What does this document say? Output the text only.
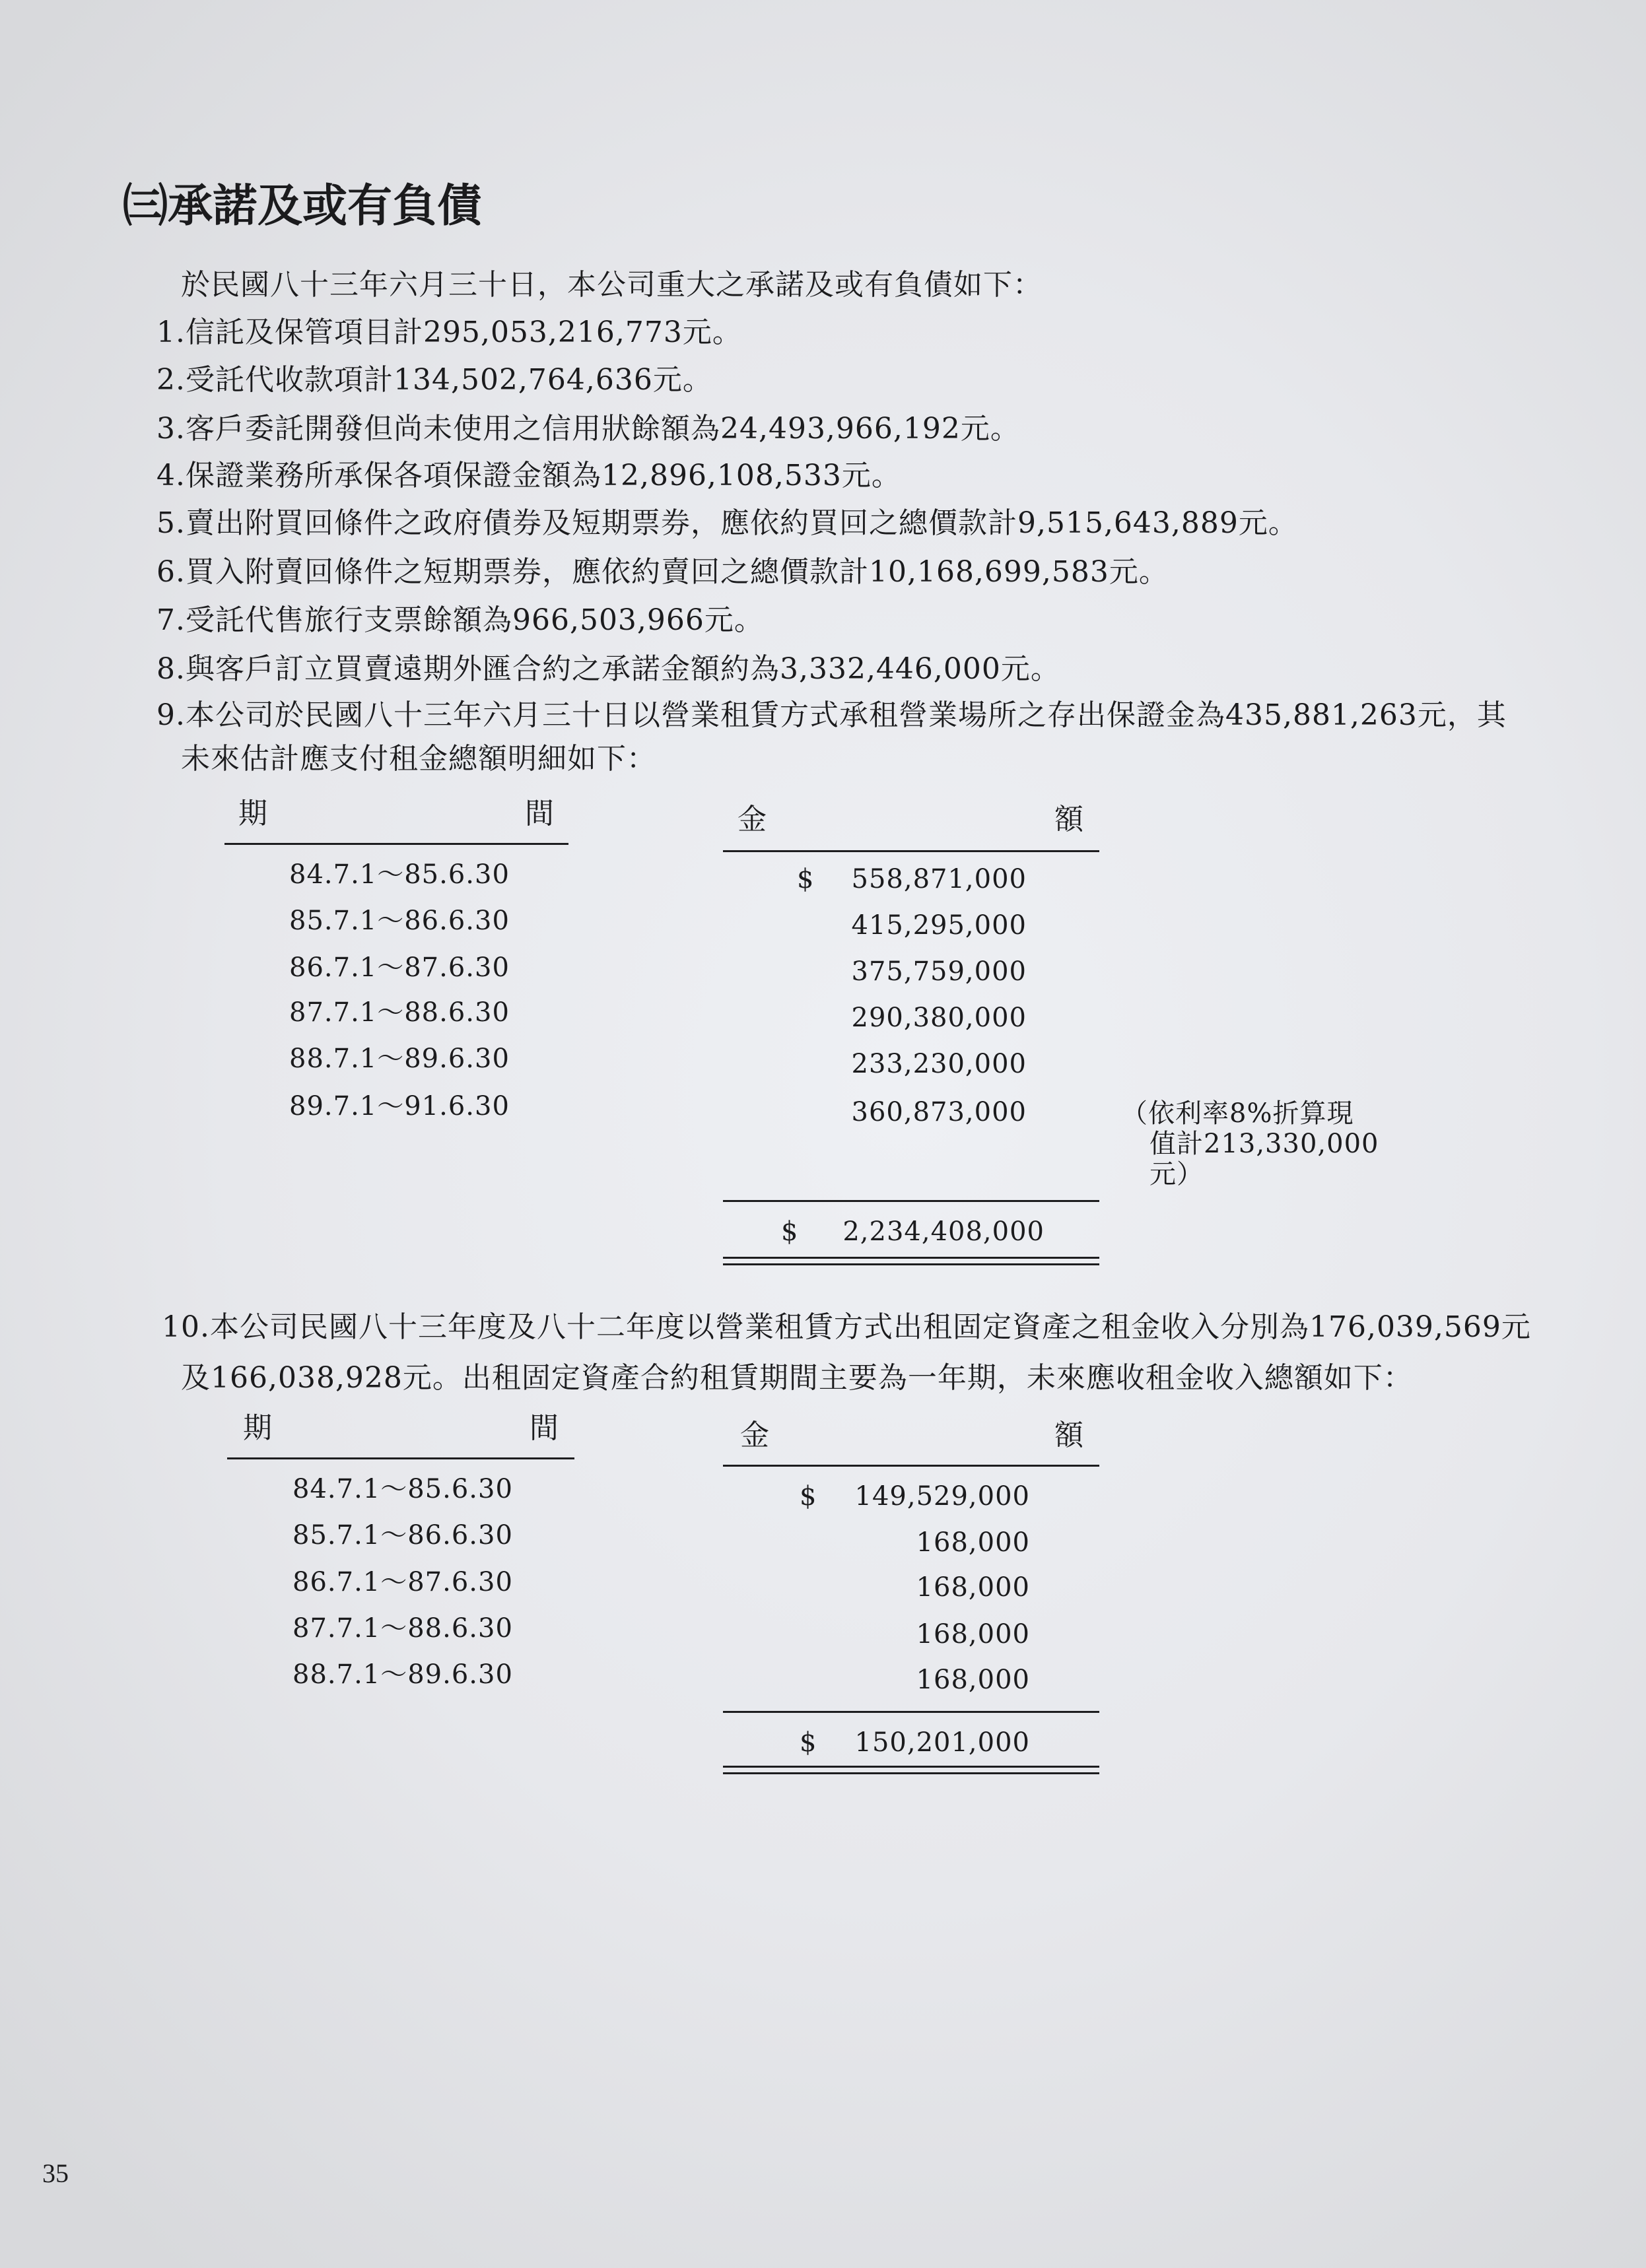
㈢承諾及或有負債
於民國八十三年六月三十日，本公司重大之承諾及或有負債如下：
1.信託及保管項目計295,053,216,773元。
2.受託代收款項計134,502,764,636元。
3.客戶委託開發但尚未使用之信用狀餘額為24,493,966,192元。
4.保證業務所承保各項保證金額為12,896,108,533元。
5.賣出附買回條件之政府債券及短期票券，應依約買回之總價款計9,515,643,889元。
6.買入附賣回條件之短期票券，應依約賣回之總價款計10,168,699,583元。
7.受託代售旅行支票餘額為966,503,966元。
8.與客戶訂立買賣遠期外匯合約之承諾金額約為3,332,446,000元。
9.本公司於民國八十三年六月三十日以營業租賃方式承租營業場所之存出保證金為435,881,263元，其
未來估計應支付租金總額明細如下：
期	間	金	額
84.7.1～85.6.30	$ 558,871,000
85.7.1～86.6.30	415,295,000
86.7.1～87.6.30	375,759,000
87.7.1～88.6.30	290,380,000
88.7.1～89.6.30	233,230,000
89.7.1～91.6.30	360,873,000	（依利率8%折算現
值計213,330,000
元）
$ 2,234,408,000
10.本公司民國八十三年度及八十二年度以營業租賃方式出租固定資產之租金收入分別為176,039,569元
及166,038,928元。出租固定資產合約租賃期間主要為一年期，未來應收租金收入總額如下：
期	間	金	額
84.7.1～85.6.30	$ 149,529,000
85.7.1～86.6.30	168,000
86.7.1～87.6.30	168,000
87.7.1～88.6.30	168,000
88.7.1～89.6.30	168,000
$ 150,201,000
35
